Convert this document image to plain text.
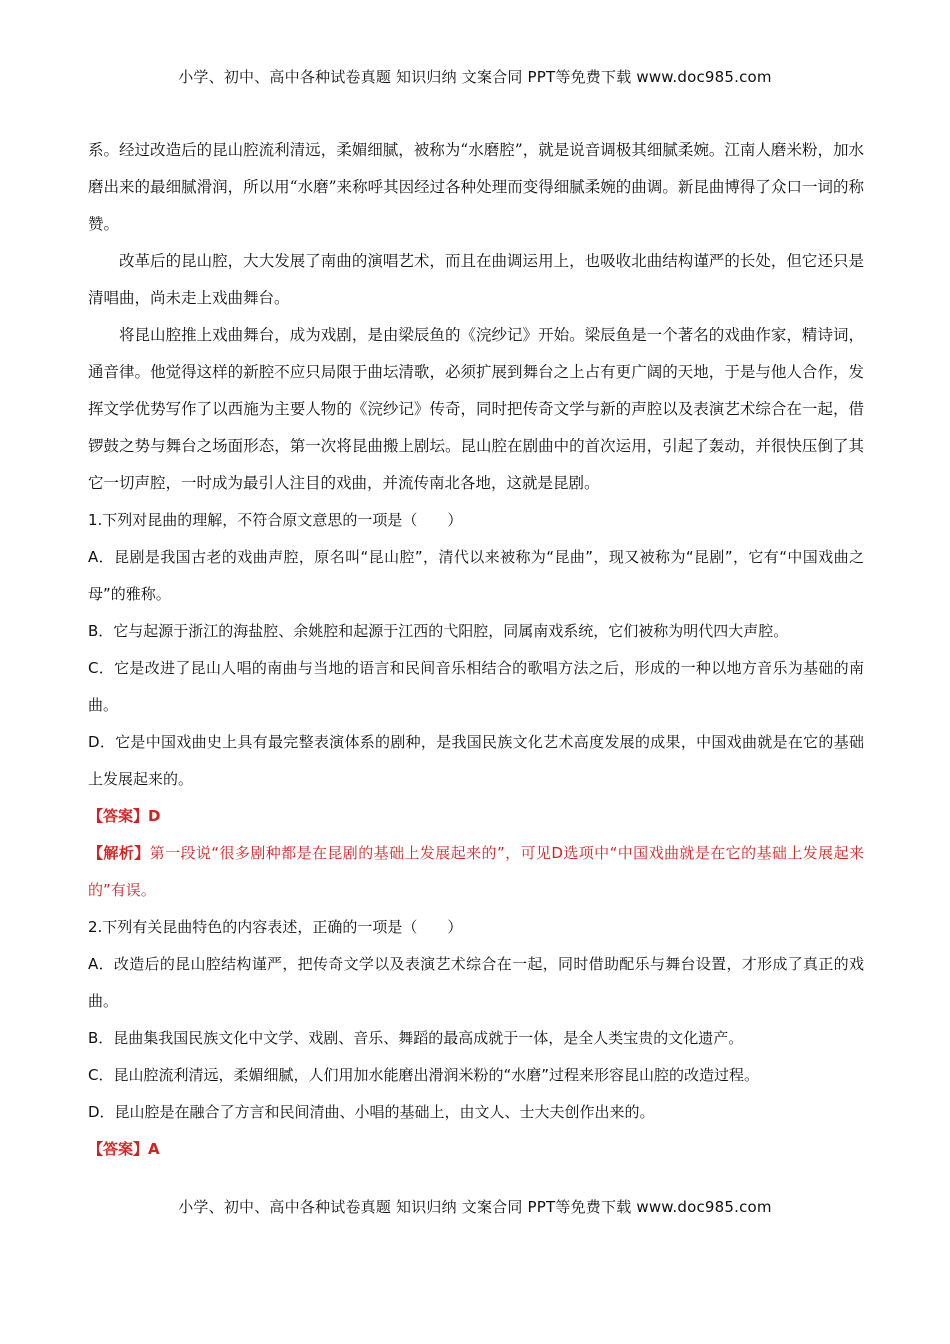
小学、初中、高中各种试卷真题 知识归纳 文案合同 PPT等免费下载 www.doc985.com

系。经过改造后的昆山腔流利清远，柔媚细腻，被称为“水磨腔”，就是说音调极其细腻柔婉。江南人磨米粉，加水磨出来的最细腻滑润，所以用“水磨”来称呼其因经过各种处理而变得细腻柔婉的曲调。新昆曲博得了众口一词的称赞。

改革后的昆山腔，大大发展了南曲的演唱艺术，而且在曲调运用上，也吸收北曲结构谨严的长处，但它还只是清唱曲，尚未走上戏曲舞台。

将昆山腔推上戏曲舞台，成为戏剧，是由梁辰鱼的《浣纱记》开始。梁辰鱼是一个著名的戏曲作家，精诗词，通音律。他觉得这样的新腔不应只局限于曲坛清歌，必须扩展到舞台之上占有更广阔的天地，于是与他人合作，发挥文学优势写作了以西施为主要人物的《浣纱记》传奇，同时把传奇文学与新的声腔以及表演艺术综合在一起，借锣鼓之势与舞台之场面形态，第一次将昆曲搬上剧坛。昆山腔在剧曲中的首次运用，引起了轰动，并很快压倒了其它一切声腔，一时成为最引人注目的戏曲，并流传南北各地，这就是昆剧。

1.下列对昆曲的理解，不符合原文意思的一项是（　　）

A．昆剧是我国古老的戏曲声腔，原名叫“昆山腔”，清代以来被称为“昆曲”，现又被称为“昆剧”，它有“中国戏曲之母”的雅称。

B．它与起源于浙江的海盐腔、余姚腔和起源于江西的弋阳腔，同属南戏系统，它们被称为明代四大声腔。

C．它是改进了昆山人唱的南曲与当地的语言和民间音乐相结合的歌唱方法之后，形成的一种以地方音乐为基础的南曲。

D．它是中国戏曲史上具有最完整表演体系的剧种，是我国民族文化艺术高度发展的成果，中国戏曲就是在它的基础上发展起来的。

【答案】D

【解析】第一段说“很多剧种都是在昆剧的基础上发展起来的”，可见D选项中“中国戏曲就是在它的基础上发展起来的”有误。

2.下列有关昆曲特色的内容表述，正确的一项是（　　）

A．改造后的昆山腔结构谨严，把传奇文学以及表演艺术综合在一起，同时借助配乐与舞台设置，才形成了真正的戏曲。

B．昆曲集我国民族文化中文学、戏剧、音乐、舞蹈的最高成就于一体，是全人类宝贵的文化遗产。

C．昆山腔流利清远，柔媚细腻，人们用加水能磨出滑润米粉的“水磨”过程来形容昆山腔的改造过程。

D．昆山腔是在融合了方言和民间清曲、小唱的基础上，由文人、士大夫创作出来的。

【答案】A

小学、初中、高中各种试卷真题 知识归纳 文案合同 PPT等免费下载 www.doc985.com
